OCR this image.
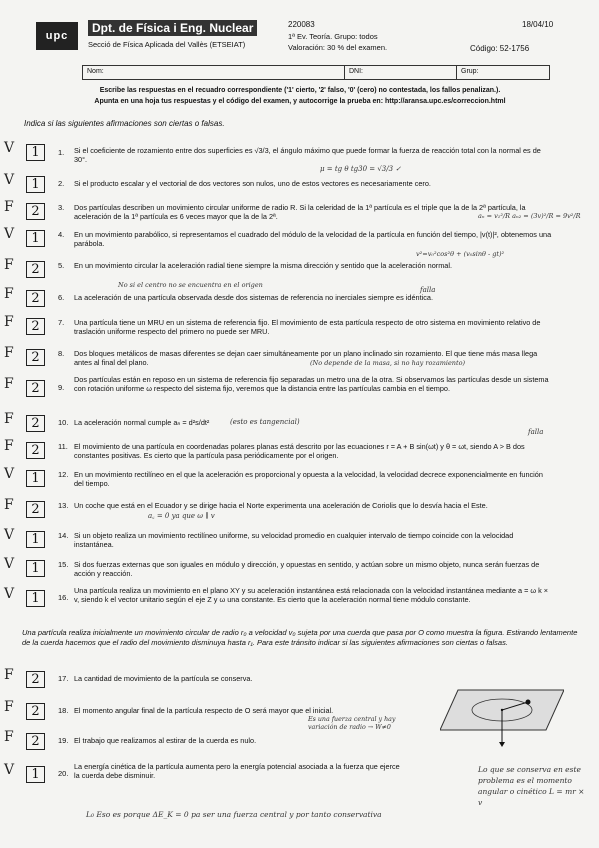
upc
Dpt. de Física i Eng. Nuclear
Secció de Física Aplicada del Vallès (ETSEIAT)
220083
1ª Ev. Teoría. Grupo: todos
Valoración: 30 % del examen.
18/04/10
Código: 52-1756
Nom:	DNI:	Grup:
Escribe las respuestas en el recuadro correspondiente ('1' cierto, '2' falso, '0' (cero) no contestada, los fallos penalizan.).
Apunta en una hoja tus respuestas y el código del examen, y autocorrige la prueba en: http://aransa.upc.es/correccion.html
Indica si las siguientes afirmaciones son ciertas o falsas.
V	1	1. Si el coeficiente de rozamiento entre dos superficies es √3/3, el ángulo máximo que puede formar la fuerza de reacción total con la normal es de 30°.
V	1	2. Si el producto escalar y el vectorial de dos vectores son nulos, uno de estos vectores es necesariamente cero.
F	2	3. Dos partículas describen un movimiento circular uniforme de radio R. Si la celeridad de la 1ª partícula es el triple que la de la 2ª partícula, la aceleración de la 1ª partícula es 6 veces mayor que la de la 2ª.
V	1	4. En un movimiento parabólico, si representamos el cuadrado del módulo de la velocidad de la partícula en función del tiempo, |v(t)|², obtenemos una parábola.
F	2	5. En un movimiento circular la aceleración radial tiene siempre la misma dirección y sentido que la aceleración normal.
F	2	6. La aceleración de una partícula observada desde dos sistemas de referencia no inerciales siempre es idéntica.
F	2	7. Una partícula tiene un MRU en un sistema de referencia fijo. El movimiento de esta partícula respecto de otro sistema en movimiento relativo de traslación uniforme respecto del primero no puede ser MRU.
F	2	8. Dos bloques metálicos de masas diferentes se dejan caer simultáneamente por un plano inclinado sin rozamiento. El que tiene más masa llega antes al final del plano.
F	2	9.
Dos partículas están en reposo en un sistema de referencia fijo separadas un metro una de la otra. Si observamos las partículas desde un sistema con rotación uniforme ω respecto del sistema fijo, veremos que la distancia entre las partículas cambia en el tiempo.
F	2	10. La aceleración normal cumple aₙ = d²s/dt²
F	2	11. El movimiento de una partícula en coordenadas polares planas está descrito por las ecuaciones r = A + B sin(ωt) y θ = ωt, siendo A > B dos constantes positivas. Es cierto que la partícula pasa periódicamente por el origen.
V	1	12. En un movimiento rectilíneo en el que la aceleración es proporcional y opuesta a la velocidad, la velocidad decrece exponencialmente en función del tiempo.
F	2	13. Un coche que está en el Ecuador y se dirige hacia el Norte experimenta una aceleración de Coriolis que lo desvía hacia el Este.
V	1	14. Si un objeto realiza un movimiento rectilíneo uniforme, su velocidad promedio en cualquier intervalo de tiempo coincide con la velocidad instantánea.
V	1	15. Si dos fuerzas externas que son iguales en módulo y dirección, y opuestas en sentido, y actúan sobre un mismo objeto, nunca serán fuerzas de acción y reacción.
V	1	16.
Una partícula realiza un movimiento en el plano XY y su aceleración instantánea está relacionada con la velocidad instantánea mediante a = ω k × v, siendo k el vector unitario según el eje Z y ω una constante. Es cierto que la aceleración normal tiene módulo constante.
Una partícula realiza inicialmente un movimiento circular de radio r₀ a velocidad v₀ sujeta por una cuerda que pasa por O como muestra la figura. Estirando lentamente de la cuerda hacemos que el radio del movimiento disminuya hasta r₁. Para este tránsito indicar si las siguientes afirmaciones son ciertas o falsas.
F	2	17. La cantidad de movimiento de la partícula se conserva.
F	2	18. El momento angular final de la partícula respecto de O será mayor que el inicial.
F	2	19. El trabajo que realizamos al estirar de la cuerda es nulo.
V	1	20.
La energía cinética de la partícula aumenta pero la energía potencial asociada a la fuerza que ejerce la cuerda debe disminuir.
μ = tg θ tg30 = √3/3 ✓
aₙ = v₁²/R aₙ₂ = (3v)²/R = 9v²/R
v²=v₀²cos²θ + (v₀sinθ - gt)²
No si el centro no se encuentra en el origen
falla
(No depende de la masa, si no hay rozamiento)
(esto es tangencial)
falla
a꜀ = 0 ya que ω ∥ v
Es una fuerza central y hay variación de radio → W≠0
Lo que se conserva en este problema es el momento angular o cinético L = mr × v
L₀ Eso es porque ΔE_K = 0 pa ser una fuerza central y por tanto conservativa
